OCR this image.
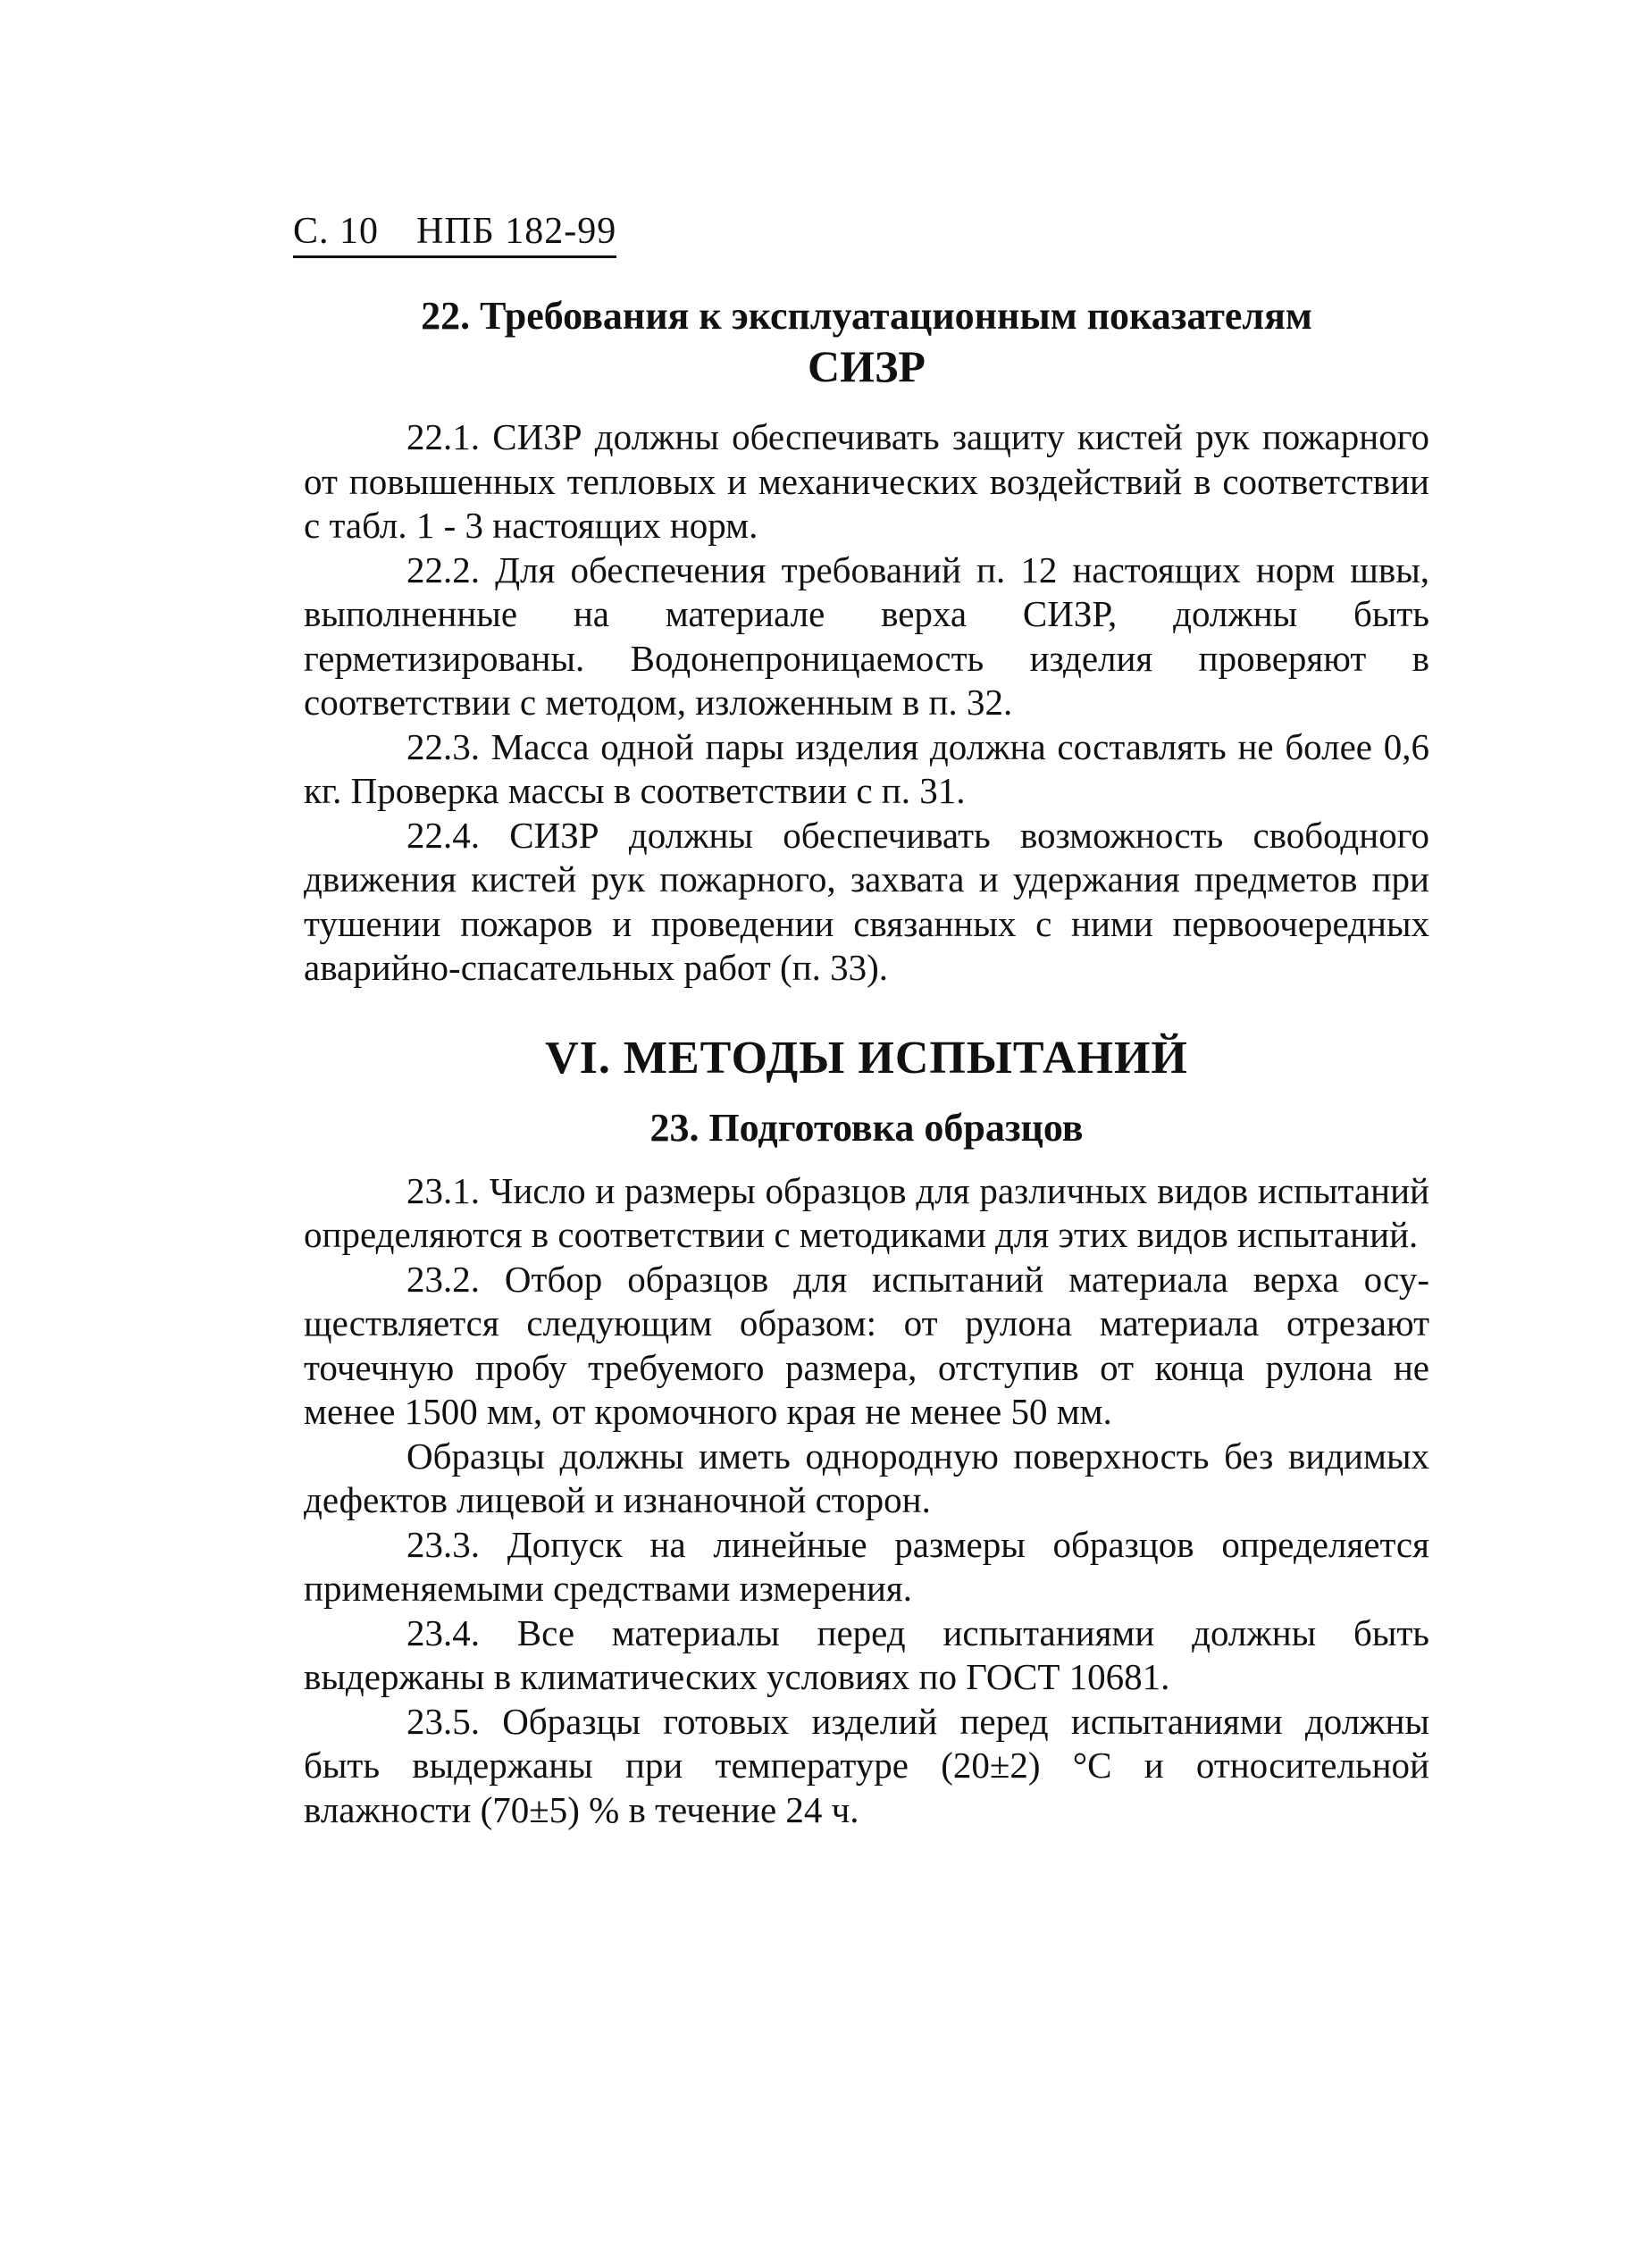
С. 10 НПБ 182-99
22. Требования к эксплуатационным показателям
СИЗР

22.1. СИЗР должны обеспечивать защиту кистей рук пожарного от повышенных тепловых и механических воздействий в соответствии с табл. 1 - 3 настоящих норм.

22.2. Для обеспечения требований п. 12 настоящих норм швы, выполненные на материале верха СИЗР, должны быть герметизированы. Водонепроницаемость изделия проверяют в соответствии с методом, изложенным в п. 32.

22.3. Масса одной пары изделия должна составлять не более 0,6 кг. Проверка массы в соответствии с п. 31.

22.4. СИЗР должны обеспечивать возможность свободного движения кистей рук пожарного, захвата и удержания предметов при тушении пожаров и проведении связанных с ними первоочередных аварийно-спасательных работ (п. 33).

VI. МЕТОДЫ ИСПЫТАНИЙ
23. Подготовка образцов

23.1. Число и размеры образцов для различных видов испытаний определяются в соответствии с методиками для этих видов испытаний.

23.2. Отбор образцов для испытаний материала верха осуществляется следующим образом: от рулона материала отрезают точечную пробу требуемого размера, отступив от конца рулона не менее 1500 мм, от кромочного края не менее 50 мм.

Образцы должны иметь однородную поверхность без видимых дефектов лицевой и изнаночной сторон.

23.3. Допуск на линейные размеры образцов определяется применяемыми средствами измерения.

23.4. Все материалы перед испытаниями должны быть выдержаны в климатических условиях по ГОСТ 10681.

23.5. Образцы готовых изделий перед испытаниями должны быть выдержаны при температуре (20±2) °С и относительной влажности (70±5) % в течение 24 ч.
